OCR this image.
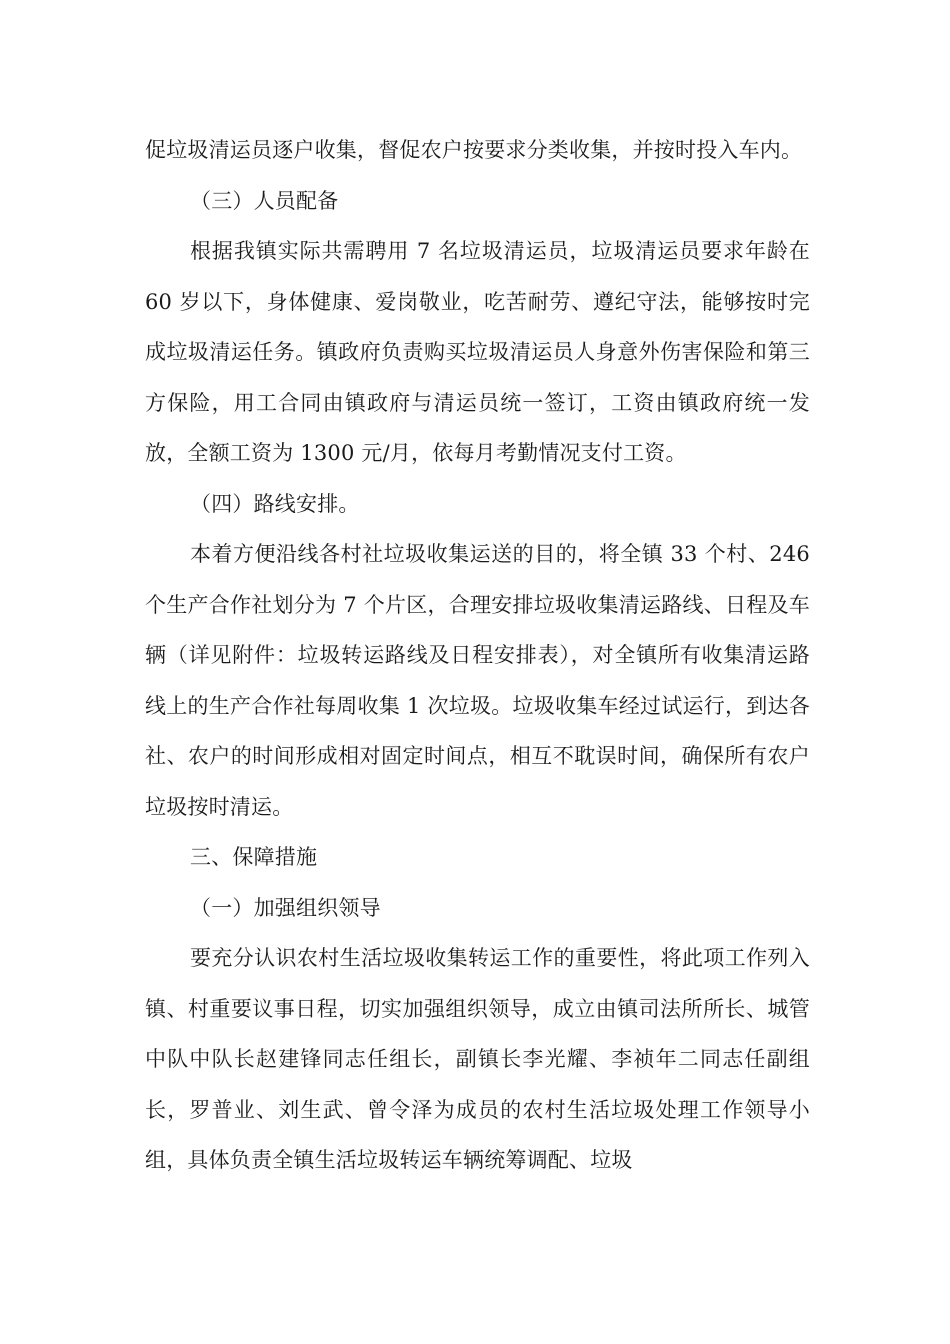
促垃圾清运员逐户收集，督促农户按要求分类收集，并按时投入车内。

（三）人员配备

根据我镇实际共需聘用 7 名垃圾清运员，垃圾清运员要求年龄在 60 岁以下，身体健康、爱岗敬业，吃苦耐劳、遵纪守法，能够按时完成垃圾清运任务。镇政府负责购买垃圾清运员人身意外伤害保险和第三方保险，用工合同由镇政府与清运员统一签订，工资由镇政府统一发放，全额工资为 1300 元/月，依每月考勤情况支付工资。

（四）路线安排。

本着方便沿线各村社垃圾收集运送的目的，将全镇 33 个村、246 个生产合作社划分为 7 个片区，合理安排垃圾收集清运路线、日程及车辆（详见附件：垃圾转运路线及日程安排表），对全镇所有收集清运路线上的生产合作社每周收集 1 次垃圾。垃圾收集车经过试运行，到达各社、农户的时间形成相对固定时间点，相互不耽误时间，确保所有农户垃圾按时清运。

三、保障措施

（一）加强组织领导

要充分认识农村生活垃圾收集转运工作的重要性，将此项工作列入镇、村重要议事日程，切实加强组织领导，成立由镇司法所所长、城管中队中队长赵建锋同志任组长，副镇长李光耀、李祯年二同志任副组长，罗普业、刘生武、曾令泽为成员的农村生活垃圾处理工作领导小组，具体负责全镇生活垃圾转运车辆统筹调配、垃圾
